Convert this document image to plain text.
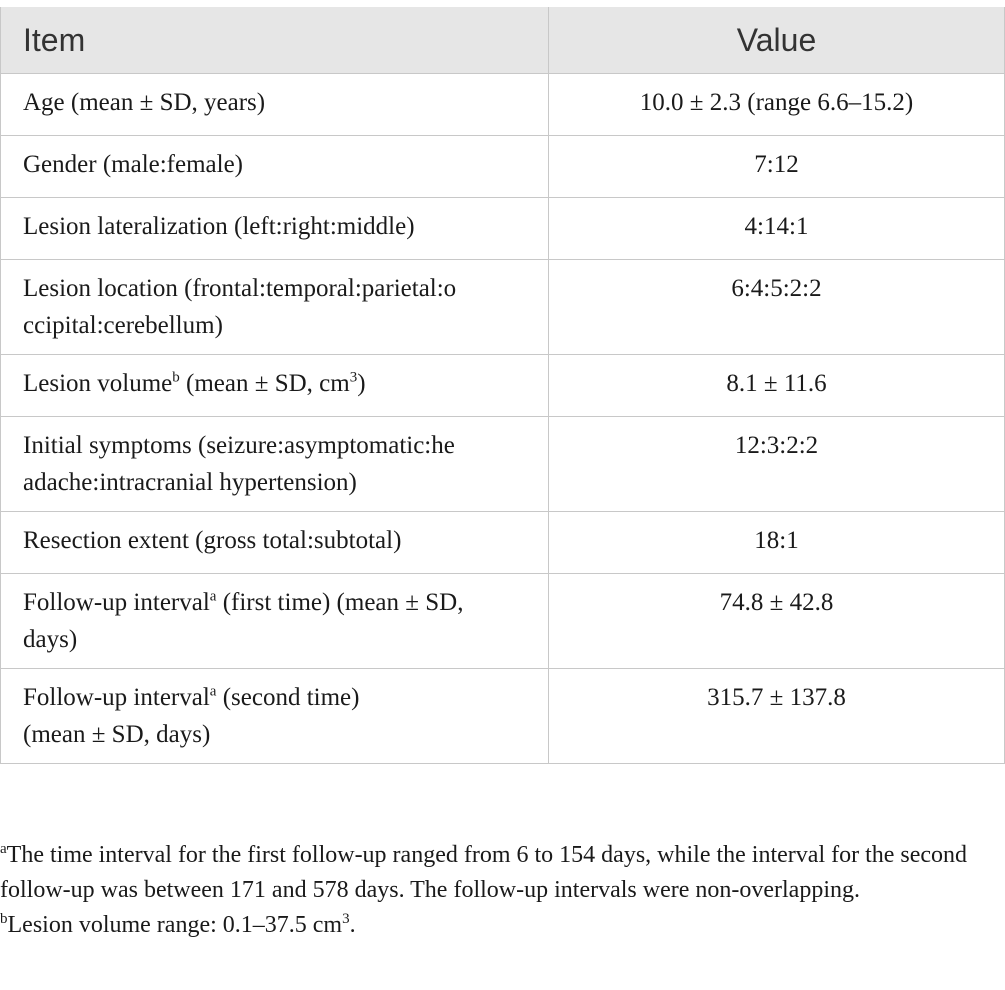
Item	Value
Age (mean ± SD, years)	10.0 ± 2.3 (range 6.6–15.2)
Gender (male:female)	7:12
Lesion lateralization (left:right:middle)	4:14:1
Lesion location (frontal:temporal:parietal:o
ccipital:cerebellum)	6:4:5:2:2
Lesion volume$^b$ (mean ± SD, $cm^3$)	8.1 ± 11.6
Initial symptoms (seizure:asymptomatic:he
adache:intracranial hypertension)	12:3:2:2
Resection extent (gross total:subtotal)	18:1
Follow-up interval$^a$ (first time) (mean ± SD,
days)	74.8 ± 42.8
Follow-up interval$^a$ (second time)
(mean ± SD, days)	315.7 ± 137.8

$^a$The time interval for the first follow-up ranged from 6 to 154 days, while the interval for the second follow-up was between 171 and 578 days. The follow-up intervals were non-overlapping.

$^b$Lesion volume range: 0.1–37.5 $cm^3$.
